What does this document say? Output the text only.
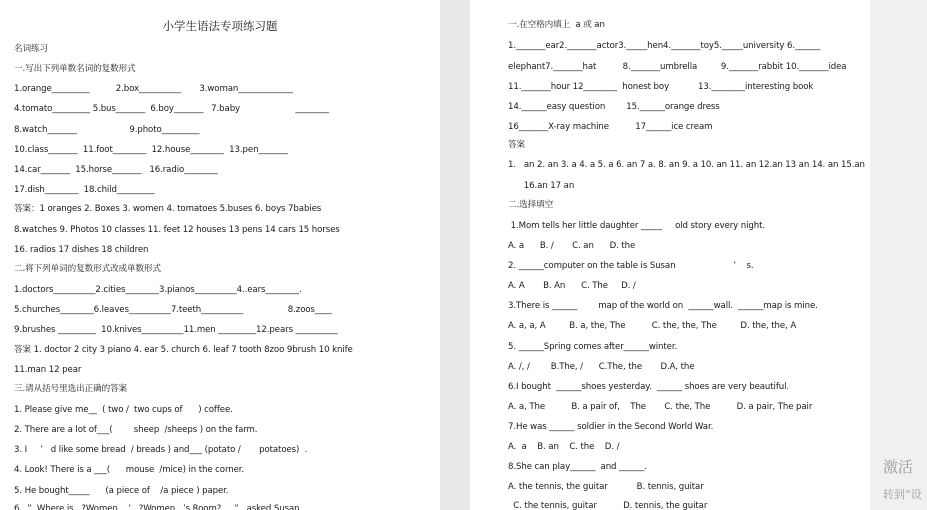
小学生语法专项练习题
名词练习
一.写出下列单数名词的复数形式
1.orange_________          2.box__________       3.woman_____________
4.tomato_________ 5.bus_______  6.boy_______   7.baby                     ________
8.watch_______                    9.photo_________
10.class_______  11.foot________  12.house________  13.pen_______
14.car_______  15.horse_______   16.radio________
17.dish________  18.child_________
答案：1 oranges 2. Boxes 3. women 4. tomatoes 5.buses 6. boys 7babies
8.watches 9. Photos 10 classes 11. feet 12 houses 13 pens 14 cars 15 horses
16. radios 17 dishes 18 children
二.将下列单词的复数形式改成单数形式
1.doctors__________2.cities________3.pianos__________4..ears________.
5.churches________6.leaves__________7.teeth__________                 8.zoos____
9.brushes _________  10.knives__________11.men _________12.pears __________
答案 1. doctor 2 city 3 piano 4. ear 5. church 6. leaf 7 tooth 8zoo 9brush 10 knife
11.man 12 pear
三.请从括号里选出正确的答案
1. Please give me__  ( two /  two cups of      ) coffee.
2. There are a lot of___(        sheep  /sheeps ) on the farm.
3. I     ’   d like some bread  / breads ) and___ (potato /       potatoes)  .
4. Look! There is a ___(      mouse  /mice) in the corner.
5. He bought_____      (a piece of    /a piece ) paper.
6.  ”  Where is   ?Women    ’   ?Women   ’s Room?     ”   asked Susan.
一.在空格内填上  a 或 an
1._______ear2._______actor3._____hen4._______toy5._____university 6.______
elephant7._______hat          8._______umbrella         9._______rabbit 10._______idea
11._______hour 12________  honest boy           13.________interesting book
14.______easy question        15.______orange dress
16_______X-ray machine          17______ice cream
答案
1.   an 2. an 3. a 4. a 5. a 6. an 7 a. 8. an 9. a 10. an 11. an 12.an 13 an 14. an 15.an
16.an 17 an
二.选择填空
1.Mom tells her little daughter _____     old story every night.
A. a      B. /       C. an      D. the
2. ______computer on the table is Susan                      ’    s.
A. A       B. An      C. The     D. /
3.There is ______        map of the world on  ______wall.  ______map is mine.
A. a, a, A         B. a, the, The          C. the, the, The         D. the, the, A
5. ______Spring comes after______winter.
A. /, /        B.The, /      C.The, the       D.A, the
6.I bought  ______shoes yesterday.  ______ shoes are very beautiful.
A. a, The          B. a pair of,    The       C. the, The          D. a pair, The pair
7.He was ______ soldier in the Second World War.
A.  a    B. an    C. the    D. /
8.She can play______  and ______.
A. the tennis, the guitar           B. tennis, guitar
C. the tennis, guitar          D. tennis, the guitar
激活
转到“设
